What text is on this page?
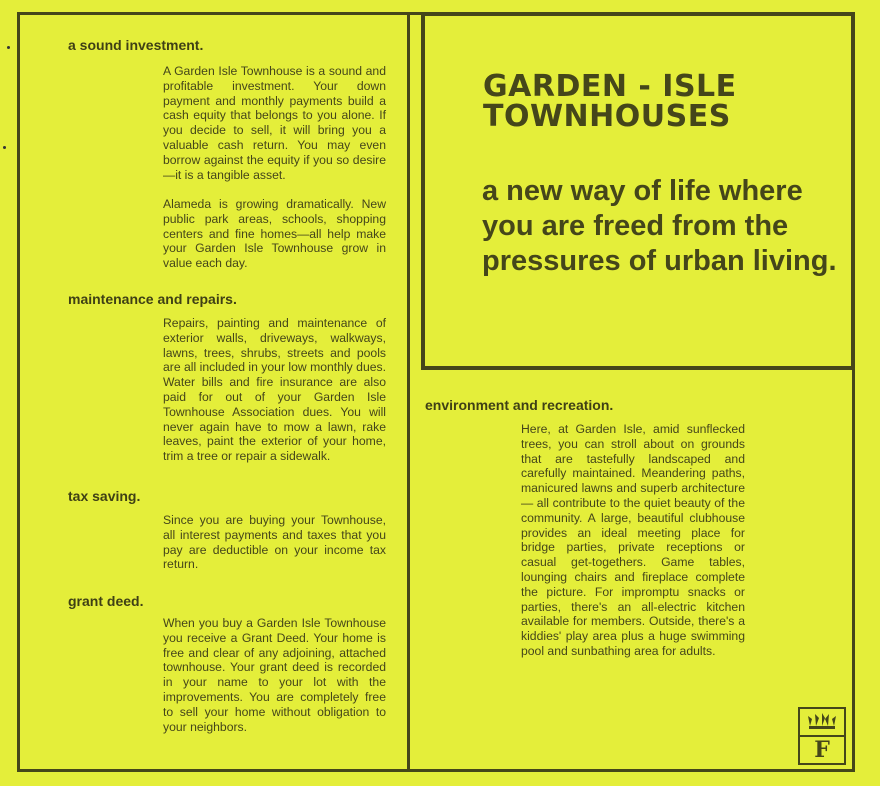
GARDEN - ISLE
TOWNHOUSES
a new way of life where you are freed from the pressures of urban living.
a sound investment.
A Garden Isle Townhouse is a sound and profitable investment. Your down payment and monthly payments build a cash equity that belongs to you alone. If you decide to sell, it will bring you a valuable cash return. You may even borrow against the equity if you so desire—it is a tangible asset.
Alameda is growing dramatically. New public park areas, schools, shopping centers and fine homes—all help make your Garden Isle Townhouse grow in value each day.
maintenance and repairs.
Repairs, painting and maintenance of exterior walls, driveways, walkways, lawns, trees, shrubs, streets and pools are all included in your low monthly dues. Water bills and fire insurance are also paid for out of your Garden Isle Townhouse Association dues. You will never again have to mow a lawn, rake leaves, paint the exterior of your home, trim a tree or repair a sidewalk.
tax saving.
Since you are buying your Townhouse, all interest payments and taxes that you pay are deductible on your income tax return.
grant deed.
When you buy a Garden Isle Townhouse you receive a Grant Deed. Your home is free and clear of any adjoining, attached townhouse. Your grant deed is recorded in your name to your lot with the improvements. You are completely free to sell your home without obligation to your neighbors.
environment and recreation.
Here, at Garden Isle, amid sunflecked trees, you can stroll about on grounds that are tastefully landscaped and carefully maintained. Meandering paths, manicured lawns and superb architecture — all contribute to the quiet beauty of the community. A large, beautiful clubhouse provides an ideal meeting place for bridge parties, private receptions or casual get-togethers. Game tables, lounging chairs and fireplace complete the picture. For impromptu snacks or parties, there's an all-electric kitchen available for members. Outside, there's a kiddies' play area plus a huge swimming pool and sunbathing area for adults.
F
